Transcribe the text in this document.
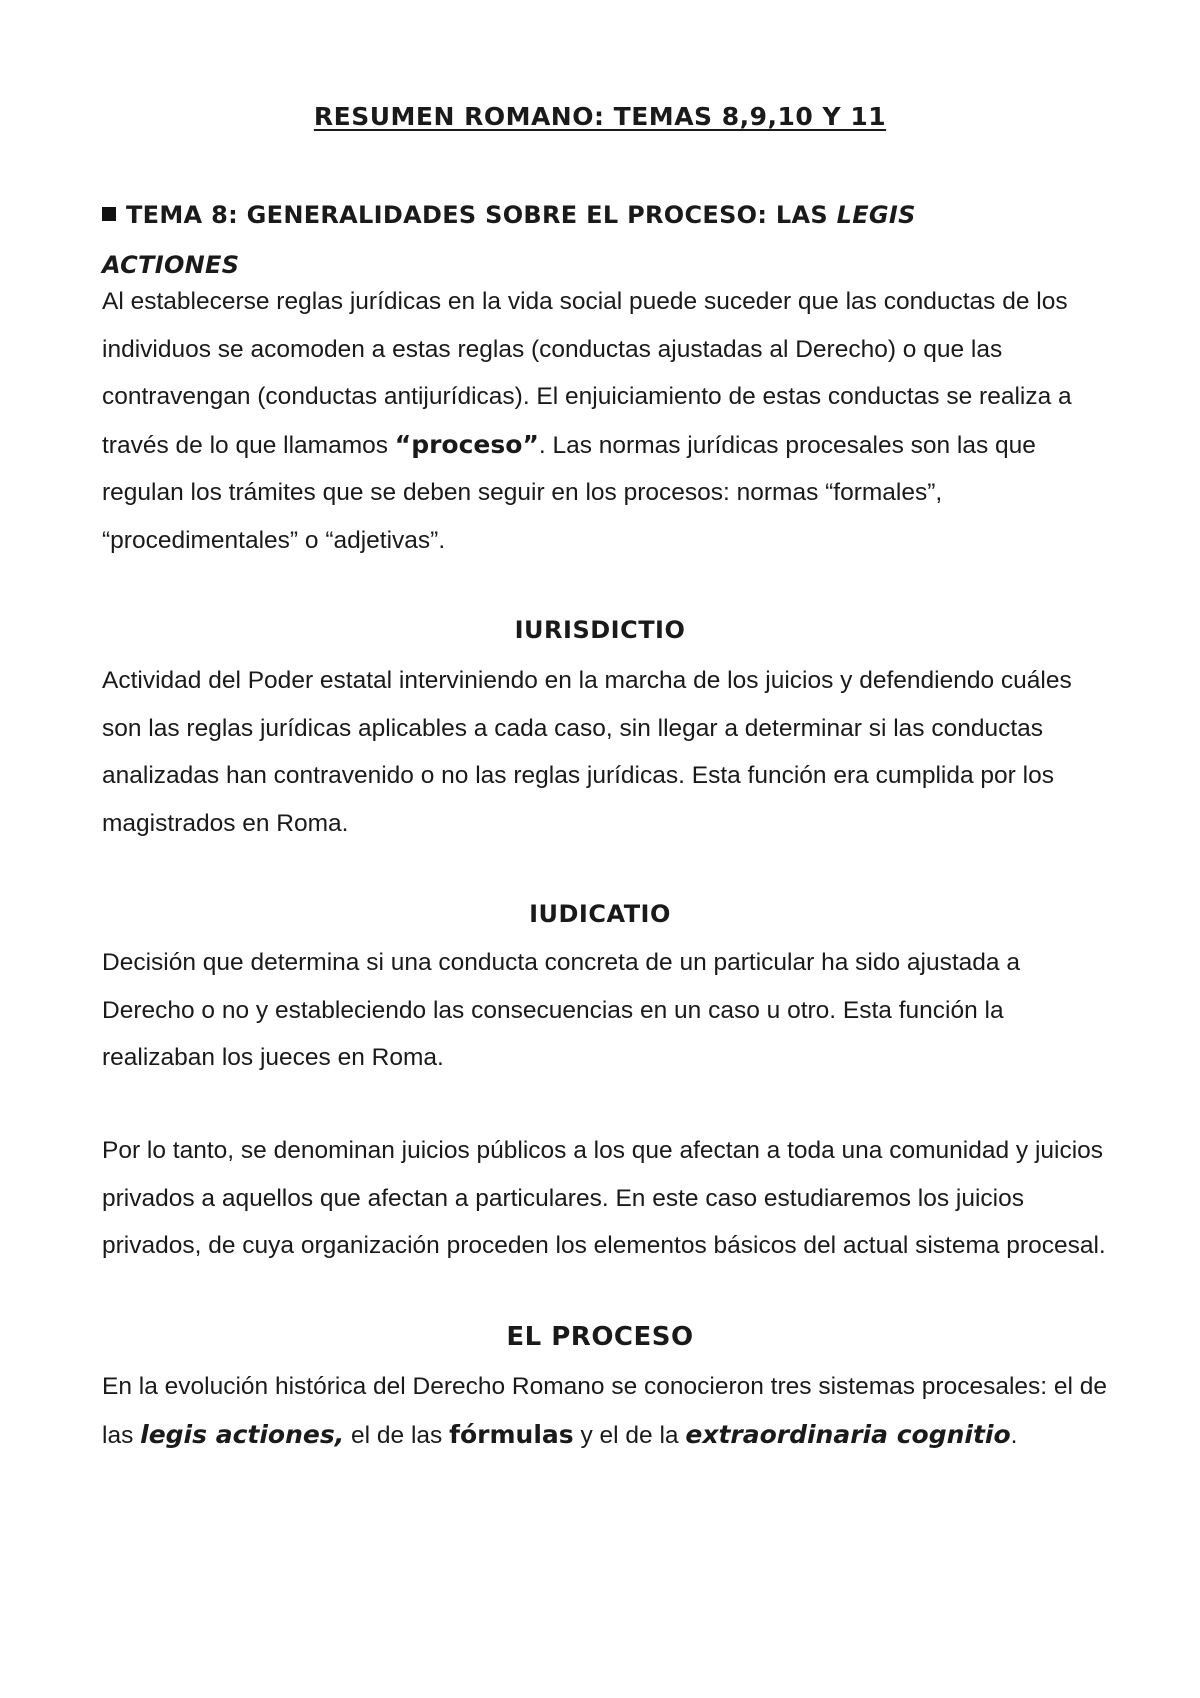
RESUMEN ROMANO: TEMAS 8,9,10 Y 11
TEMA 8: GENERALIDADES SOBRE EL PROCESO: LAS LEGIS ACTIONES

Al establecerse reglas jurídicas en la vida social puede suceder que las conductas de los individuos se acomoden a estas reglas (conductas ajustadas al Derecho) o que las contravengan (conductas antijurídicas). El enjuiciamiento de estas conductas se realiza a través de lo que llamamos “proceso”. Las normas jurídicas procesales son las que regulan los trámites que se deben seguir en los procesos: normas “formales”, “procedimentales” o “adjetivas”.

IURISDICTIO

Actividad del Poder estatal interviniendo en la marcha de los juicios y defendiendo cuáles son las reglas jurídicas aplicables a cada caso, sin llegar a determinar si las conductas analizadas han contravenido o no las reglas jurídicas. Esta función era cumplida por los magistrados en Roma.

IUDICATIO

Decisión que determina si una conducta concreta de un particular ha sido ajustada a Derecho o no y estableciendo las consecuencias en un caso u otro. Esta función la realizaban los jueces en Roma.

Por lo tanto, se denominan juicios públicos a los que afectan a toda una comunidad y juicios privados a aquellos que afectan a particulares. En este caso estudiaremos los juicios privados, de cuya organización proceden los elementos básicos del actual sistema procesal.

EL PROCESO

En la evolución histórica del Derecho Romano se conocieron tres sistemas procesales: el de las legis actiones, el de las fórmulas y el de la extraordinaria cognitio.
